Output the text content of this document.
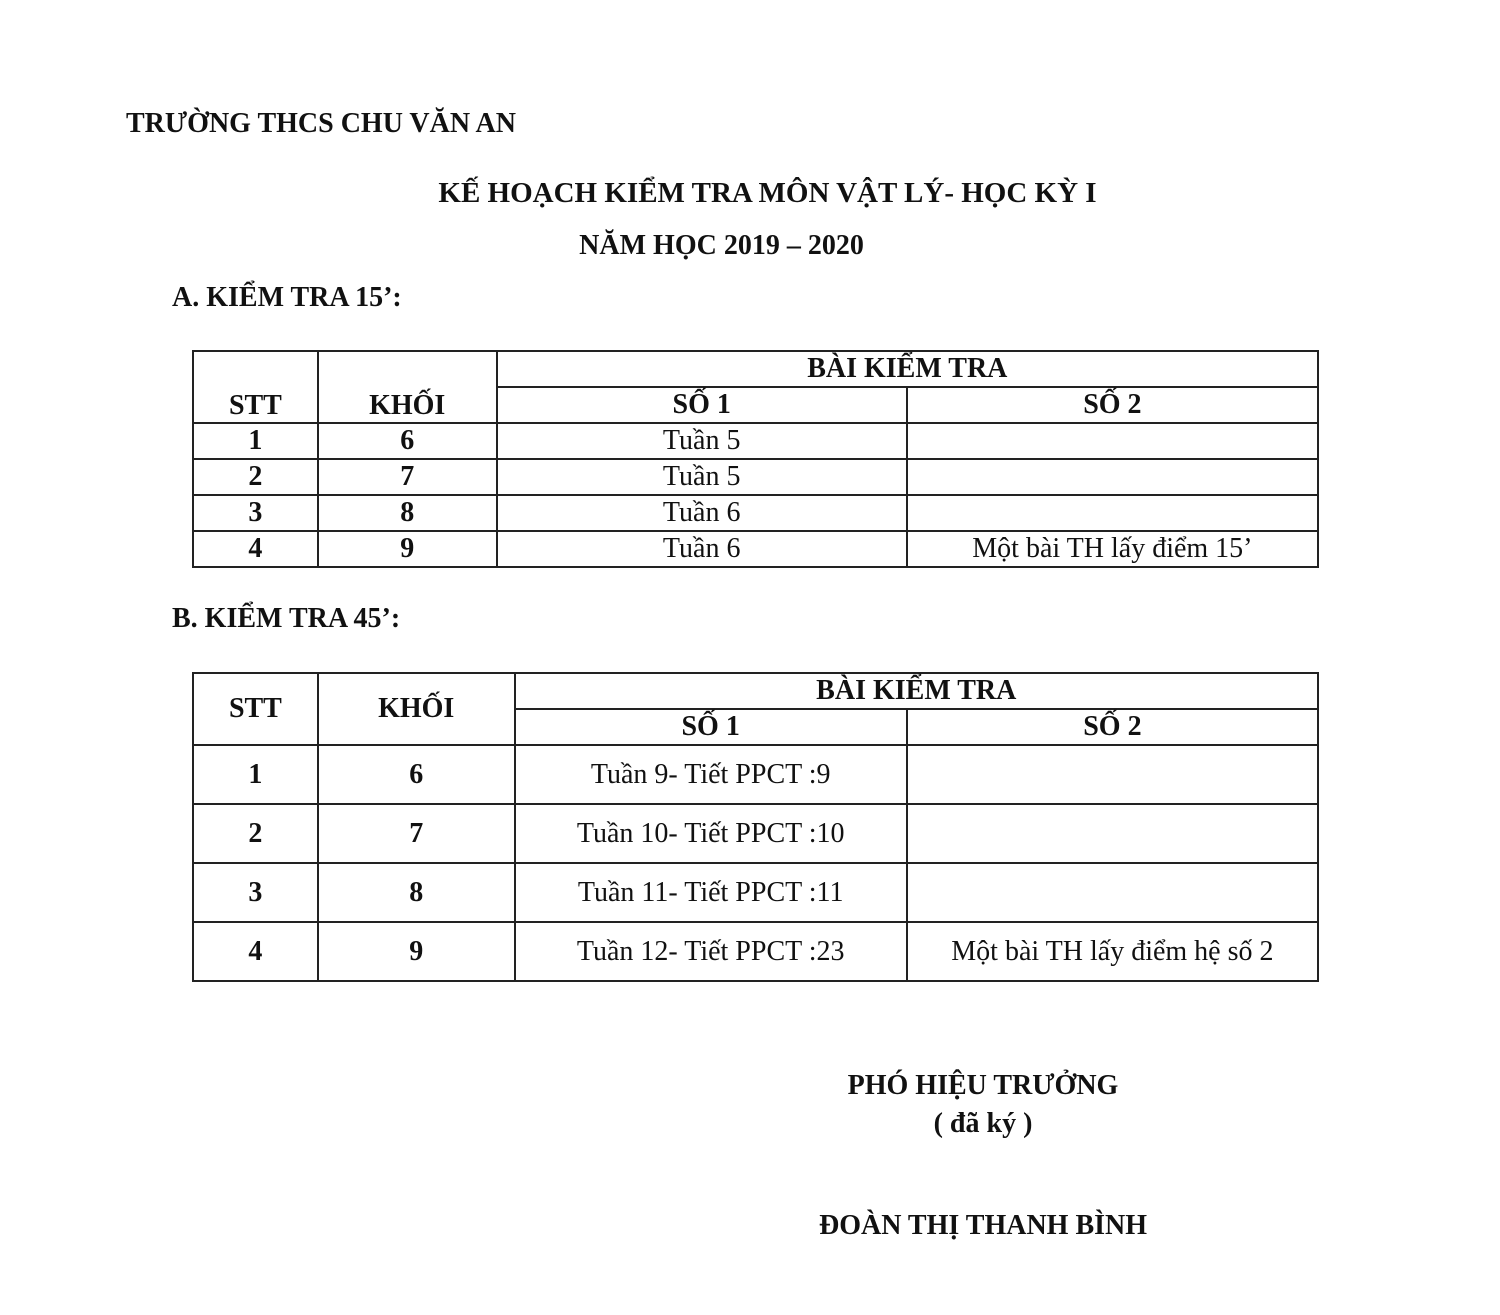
TRƯỜNG THCS CHU VĂN AN
KẾ HOẠCH KIỂM TRA MÔN VẬT LÝ- HỌC KỲ I
NĂM HỌC 2019 – 2020
A. KIỂM TRA 15’:
STT	KHỐI	BÀI KIỂM TRA	
		SỐ 1	SỐ 2
1	6	Tuần 5	
2	7	Tuần 5	
3	8	Tuần 6	
4	9	Tuần 6	Một bài TH lấy điểm 15’
B. KIỂM TRA 45’:
STT	KHỐI	BÀI KIỂM TRA	
		SỐ 1	SỐ 2
1	6	Tuần 9- Tiết PPCT :9	
2	7	Tuần 10- Tiết PPCT :10	
3	8	Tuần 11- Tiết PPCT :11	
4	9	Tuần 12- Tiết PPCT :23	Một bài TH lấy điểm hệ số 2
PHÓ HIỆU TRƯỞNG
( đã ký )
ĐOÀN THỊ THANH BÌNH
